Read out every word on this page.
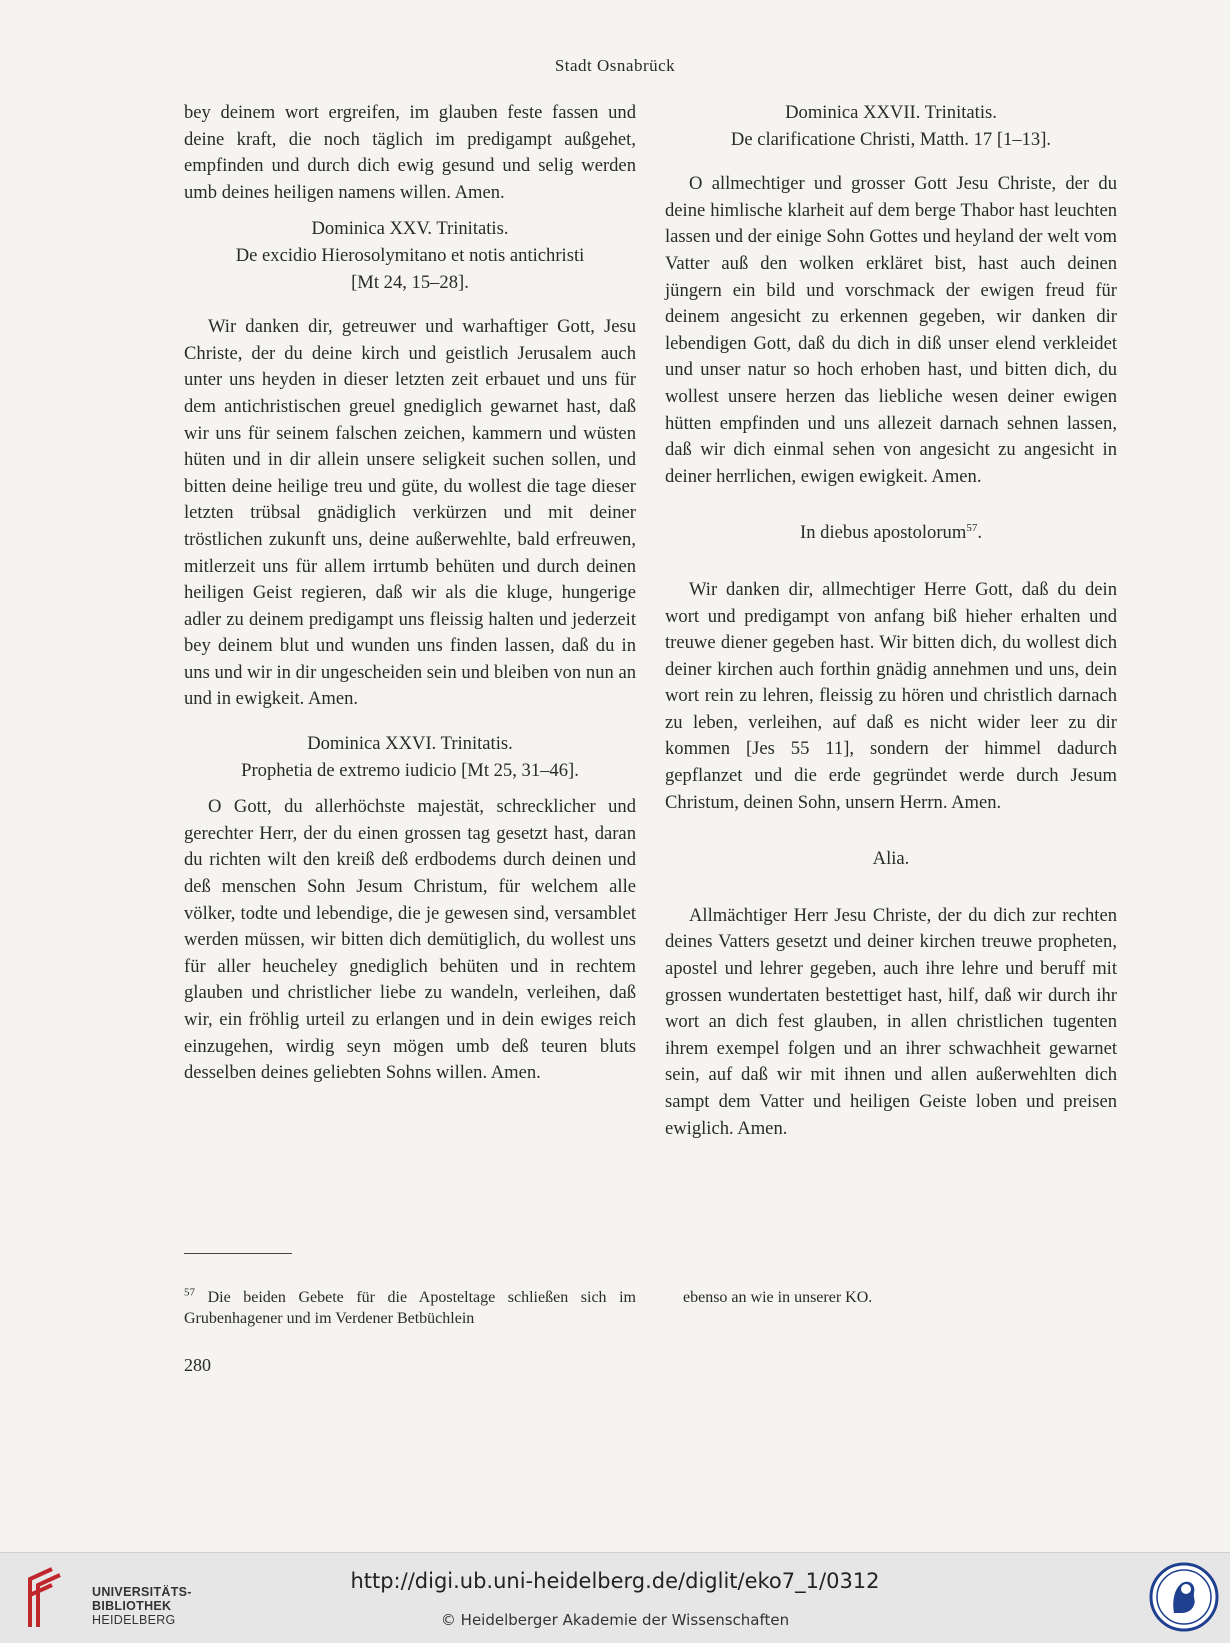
Stadt Osnabrück

bey deinem wort ergreifen, im glauben feste fassen und deine kraft, die noch täglich im predigampt außgehet, empfinden und durch dich ewig gesund und selig werden umb deines heiligen namens willen. Amen.

Dominica XXV. Trinitatis.
De excidio Hierosolymitano et notis antichristi
[Mt 24, 15–28].

Wir danken dir, getreuwer und warhaftiger Gott, Jesu Christe, der du deine kirch und geistlich Jerusalem auch unter uns heyden in dieser letzten zeit erbauet und uns für dem antichristischen greuel gnediglich gewarnet hast, daß wir uns für seinem falschen zeichen, kammern und wüsten hüten und in dir allein unsere seligkeit suchen sollen, und bitten deine heilige treu und güte, du wollest die tage dieser letzten trübsal gnädiglich verkürzen und mit deiner tröstlichen zukunft uns, deine außerwehlte, bald erfreuwen, mitlerzeit uns für allem irrtumb behüten und durch deinen heiligen Geist regieren, daß wir als die kluge, hungerige adler zu deinem predigampt uns fleissig halten und jederzeit bey deinem blut und wunden uns finden lassen, daß du in uns und wir in dir ungescheiden sein und bleiben von nun an und in ewigkeit. Amen.

Dominica XXVI. Trinitatis.
Prophetia de extremo iudicio [Mt 25, 31–46].

O Gott, du allerhöchste majestät, schrecklicher und gerechter Herr, der du einen grossen tag gesetzt hast, daran du richten wilt den kreiß deß erdbodems durch deinen und deß menschen Sohn Jesum Christum, für welchem alle völker, todte und lebendige, die je gewesen sind, versamblet werden müssen, wir bitten dich demütiglich, du wollest uns für aller heucheley gnediglich behüten und in rechtem glauben und christlicher liebe zu wandeln, verleihen, daß wir, ein fröhlig urteil zu erlangen und in dein ewiges reich einzugehen, wirdig seyn mögen umb deß teuren bluts desselben deines geliebten Sohns willen. Amen.

Dominica XXVII. Trinitatis.
De clarificatione Christi, Matth. 17 [1–13].

O allmechtiger und grosser Gott Jesu Christe, der du deine himlische klarheit auf dem berge Thabor hast leuchten lassen und der einige Sohn Gottes und heyland der welt vom Vatter auß den wolken erkläret bist, hast auch deinen jüngern ein bild und vorschmack der ewigen freud für deinem angesicht zu erkennen gegeben, wir danken dir lebendigen Gott, daß du dich in diß unser elend verkleidet und unser natur so hoch erhoben hast, und bitten dich, du wollest unsere herzen das liebliche wesen deiner ewigen hütten empfinden und uns allezeit darnach sehnen lassen, daß wir dich einmal sehen von angesicht zu angesicht in deiner herrlichen, ewigen ewigkeit. Amen.

In diebus apostolorum$^{57}$.

Wir danken dir, allmechtiger Herre Gott, daß du dein wort und predigampt von anfang biß hieher erhalten und treuwe diener gegeben hast. Wir bitten dich, du wollest dich deiner kirchen auch forthin gnädig annehmen und uns, dein wort rein zu lehren, fleissig zu hören und christlich darnach zu leben, verleihen, auf daß es nicht wider leer zu dir kommen [Jes 55 11], sondern der himmel dadurch gepflanzet und die erde gegründet werde durch Jesum Christum, deinen Sohn, unsern Herrn. Amen.

Alia.

Allmächtiger Herr Jesu Christe, der du dich zur rechten deines Vatters gesetzt und deiner kirchen treuwe propheten, apostel und lehrer gegeben, auch ihre lehre und beruff mit grossen wundertaten bestettiget hast, hilf, daß wir durch ihr wort an dich fest glauben, in allen christlichen tugenten ihrem exempel folgen und an ihrer schwachheit gewarnet sein, auf daß wir mit ihnen und allen außerwehlten dich sampt dem Vatter und heiligen Geiste loben und preisen ewiglich. Amen.

$^{57}$ Die beiden Gebete für die Aposteltage schließen sich im Grubenhagener und im Verdener Betbüchlein
ebenso an wie in unserer KO.
280
UNIVERSITÄTS-
BIBLIOTHEK
HEIDELBERG
http://digi.ub.uni-heidelberg.de/diglit/eko7_1/0312
© Heidelberger Akademie der Wissenschaften
